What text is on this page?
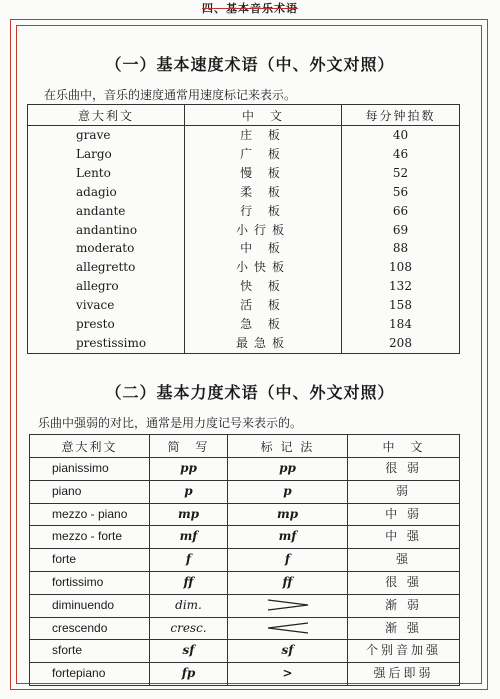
四、基本音乐术语
（一）基本速度术语（中、外文对照）
在乐曲中，音乐的速度通常用速度标记来表示。
意大利文	中　文	每分钟拍数
grave	庄 板	40
Largo	广 板	46
Lento	慢 板	52
adagio	柔 板	56
andante	行 板	66
andantino	小行板	69
moderato	中 板	88
allegretto	小快板	108
allegro	快 板	132
vivace	活 板	158
presto	急 板	184
prestissimo	最急板	208
（二）基本力度术语（中、外文对照）
乐曲中强弱的对比，通常是用力度记号来表示的。
意大利文	简　写	标 记 法	中　文
pianissimo	pp	pp	很 弱
piano	p	p	弱
mezzo - piano	mp	mp	中 弱
mezzo - forte	mf	mf	中 强
forte	f	f	强
fortissimo	ff	ff	很 强
diminuendo	dim.		渐 弱
crescendo	cresc.		渐 强
sforte	sf	sf	个别音加强
fortepiano	fp	>	强后即弱
